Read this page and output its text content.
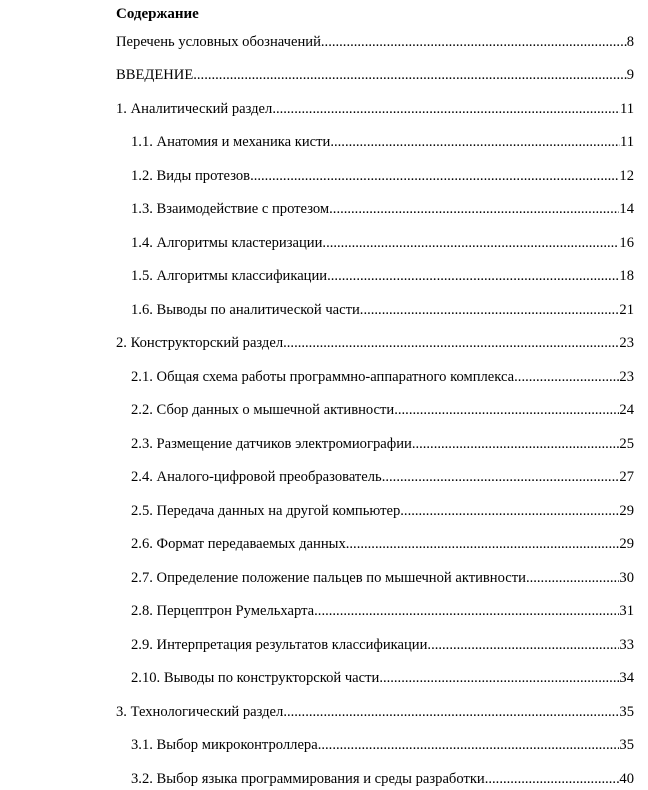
Содержание
Перечень условных обозначений .....	8
ВВЕДЕНИЕ .....	9
1. Аналитический раздел .....	11
1.1. Анатомия и механика кисти .....	11
1.2. Виды протезов .....	12
1.3. Взаимодействие с протезом .....	14
1.4. Алгоритмы кластеризации .....	16
1.5. Алгоритмы классификации .....	18
1.6. Выводы по аналитической части .....	21
2. Конструкторский раздел .....	23
2.1. Общая схема работы программно-аппаратного комплекса .....	23
2.2. Сбор данных о мышечной активности .....	24
2.3. Размещение датчиков электромиографии .....	25
2.4. Аналого-цифровой преобразователь .....	27
2.5. Передача данных на другой компьютер .....	29
2.6. Формат передаваемых данных .....	29
2.7. Определение положение пальцев по мышечной активности .....	30
2.8. Перцептрон Румельхарта .....	31
2.9. Интерпретация результатов классификации .....	33
2.10. Выводы по конструкторской части .....	34
3. Технологический раздел .....	35
3.1. Выбор микроконтроллера .....	35
3.2. Выбор языка программирования и среды разработки .....	40
